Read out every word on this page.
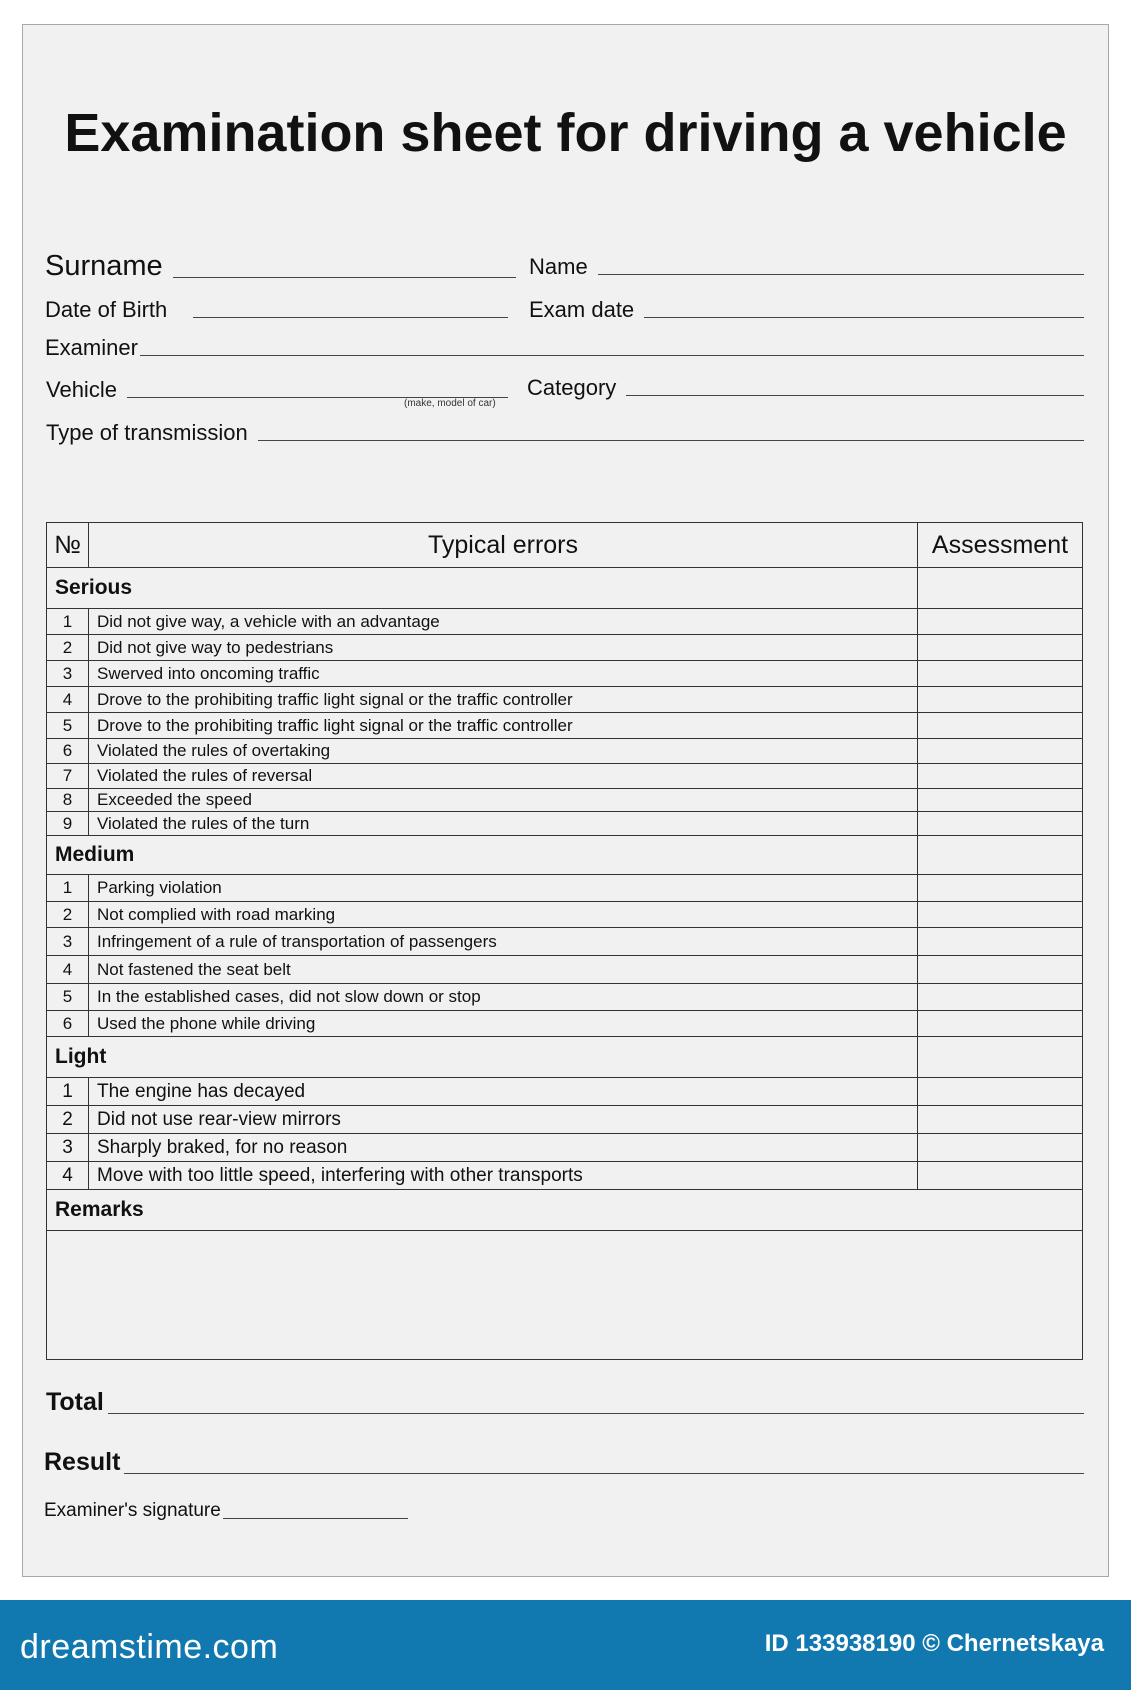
Examination sheet for driving a vehicle
Surname	Name
Date of Birth	Exam date
Examiner
Vehicle
(make, model of car)
Category
Type of transmission
№	Typical errors	Assessment
Serious		
1	Did not give way, a vehicle with an advantage	
2	Did not give way to pedestrians	
3	Swerved into oncoming traffic	
4	Drove to the prohibiting traffic light signal or the traffic controller	
5	Drove to the prohibiting traffic light signal or the traffic controller	
6	Violated the rules of overtaking	
7	Violated the rules of reversal	
8	Exceeded the speed	
9	Violated the rules of the turn	
Medium		
1	Parking violation	
2	Not complied with road marking	
3	Infringement of a rule of transportation of passengers	
4	Not fastened the seat belt	
5	In the established cases, did not slow down or stop	
6	Used the phone while driving	
Light		
1	The engine has decayed	
2	Did not use rear-view mirrors	
3	Sharply braked, for no reason	
4	Move with too little speed, interfering with other transports	
Remarks		

Total
Result
Examiner's signature
dreamstime.com	ID 133938190 © Chernetskaya
